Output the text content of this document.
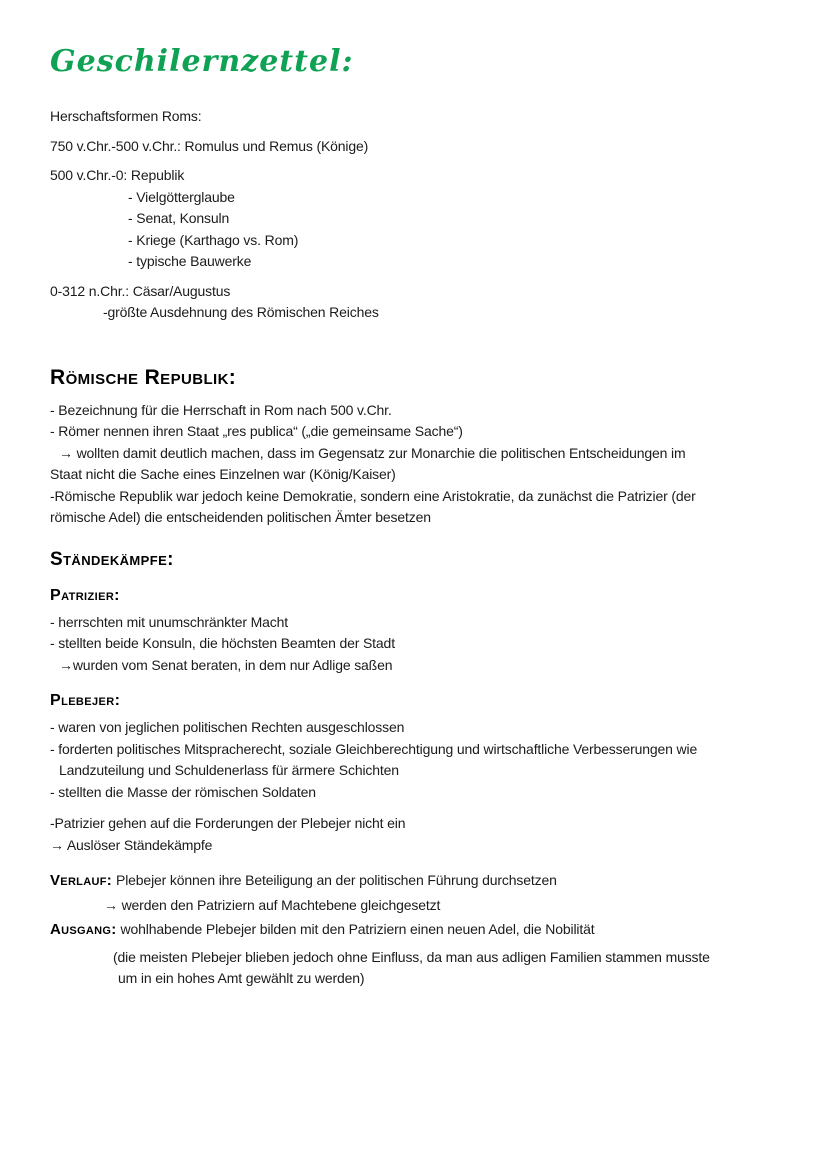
Geschilernzettel:

Herschaftsformen Roms:

750 v.Chr.-500 v.Chr.: Romulus und Remus (Könige)

500 v.Chr.-0: Republik

- Vielgötterglaube

- Senat, Konsuln

- Kriege (Karthago vs. Rom)

- typische Bauwerke

0-312 n.Chr.: Cäsar/Augustus

-größte Ausdehnung des Römischen Reiches

Römische Republik:

- Bezeichnung für die Herrschaft in Rom nach 500 v.Chr.

- Römer nennen ihren Staat „res publica“ („die gemeinsame Sache“)

→ wollten damit deutlich machen, dass im Gegensatz zur Monarchie die politischen Entscheidungen im

Staat nicht die Sache eines Einzelnen war (König/Kaiser)

-Römische Republik war jedoch keine Demokratie, sondern eine Aristokratie, da zunächst die Patrizier (der

römische Adel) die entscheidenden politischen Ämter besetzen

Ständekämpfe:
Patrizier:

- herrschten mit unumschränkter Macht

- stellten beide Konsuln, die höchsten Beamten der Stadt

→wurden vom Senat beraten, in dem nur Adlige saßen

Plebejer:

- waren von jeglichen politischen Rechten ausgeschlossen

- forderten politisches Mitspracherecht, soziale Gleichberechtigung und wirtschaftliche Verbesserungen wie

Landzuteilung und Schuldenerlass für ärmere Schichten

- stellten die Masse der römischen Soldaten

-Patrizier gehen auf die Forderungen der Plebejer nicht ein

→ Auslöser Ständekämpfe

Verlauf: Plebejer können ihre Beteiligung an der politischen Führung durchsetzen

→ werden den Patriziern auf Machtebene gleichgesetzt

Ausgang: wohlhabende Plebejer bilden mit den Patriziern einen neuen Adel, die Nobilität

(die meisten Plebejer blieben jedoch ohne Einfluss, da man aus adligen Familien stammen musste

um in ein hohes Amt gewählt zu werden)
